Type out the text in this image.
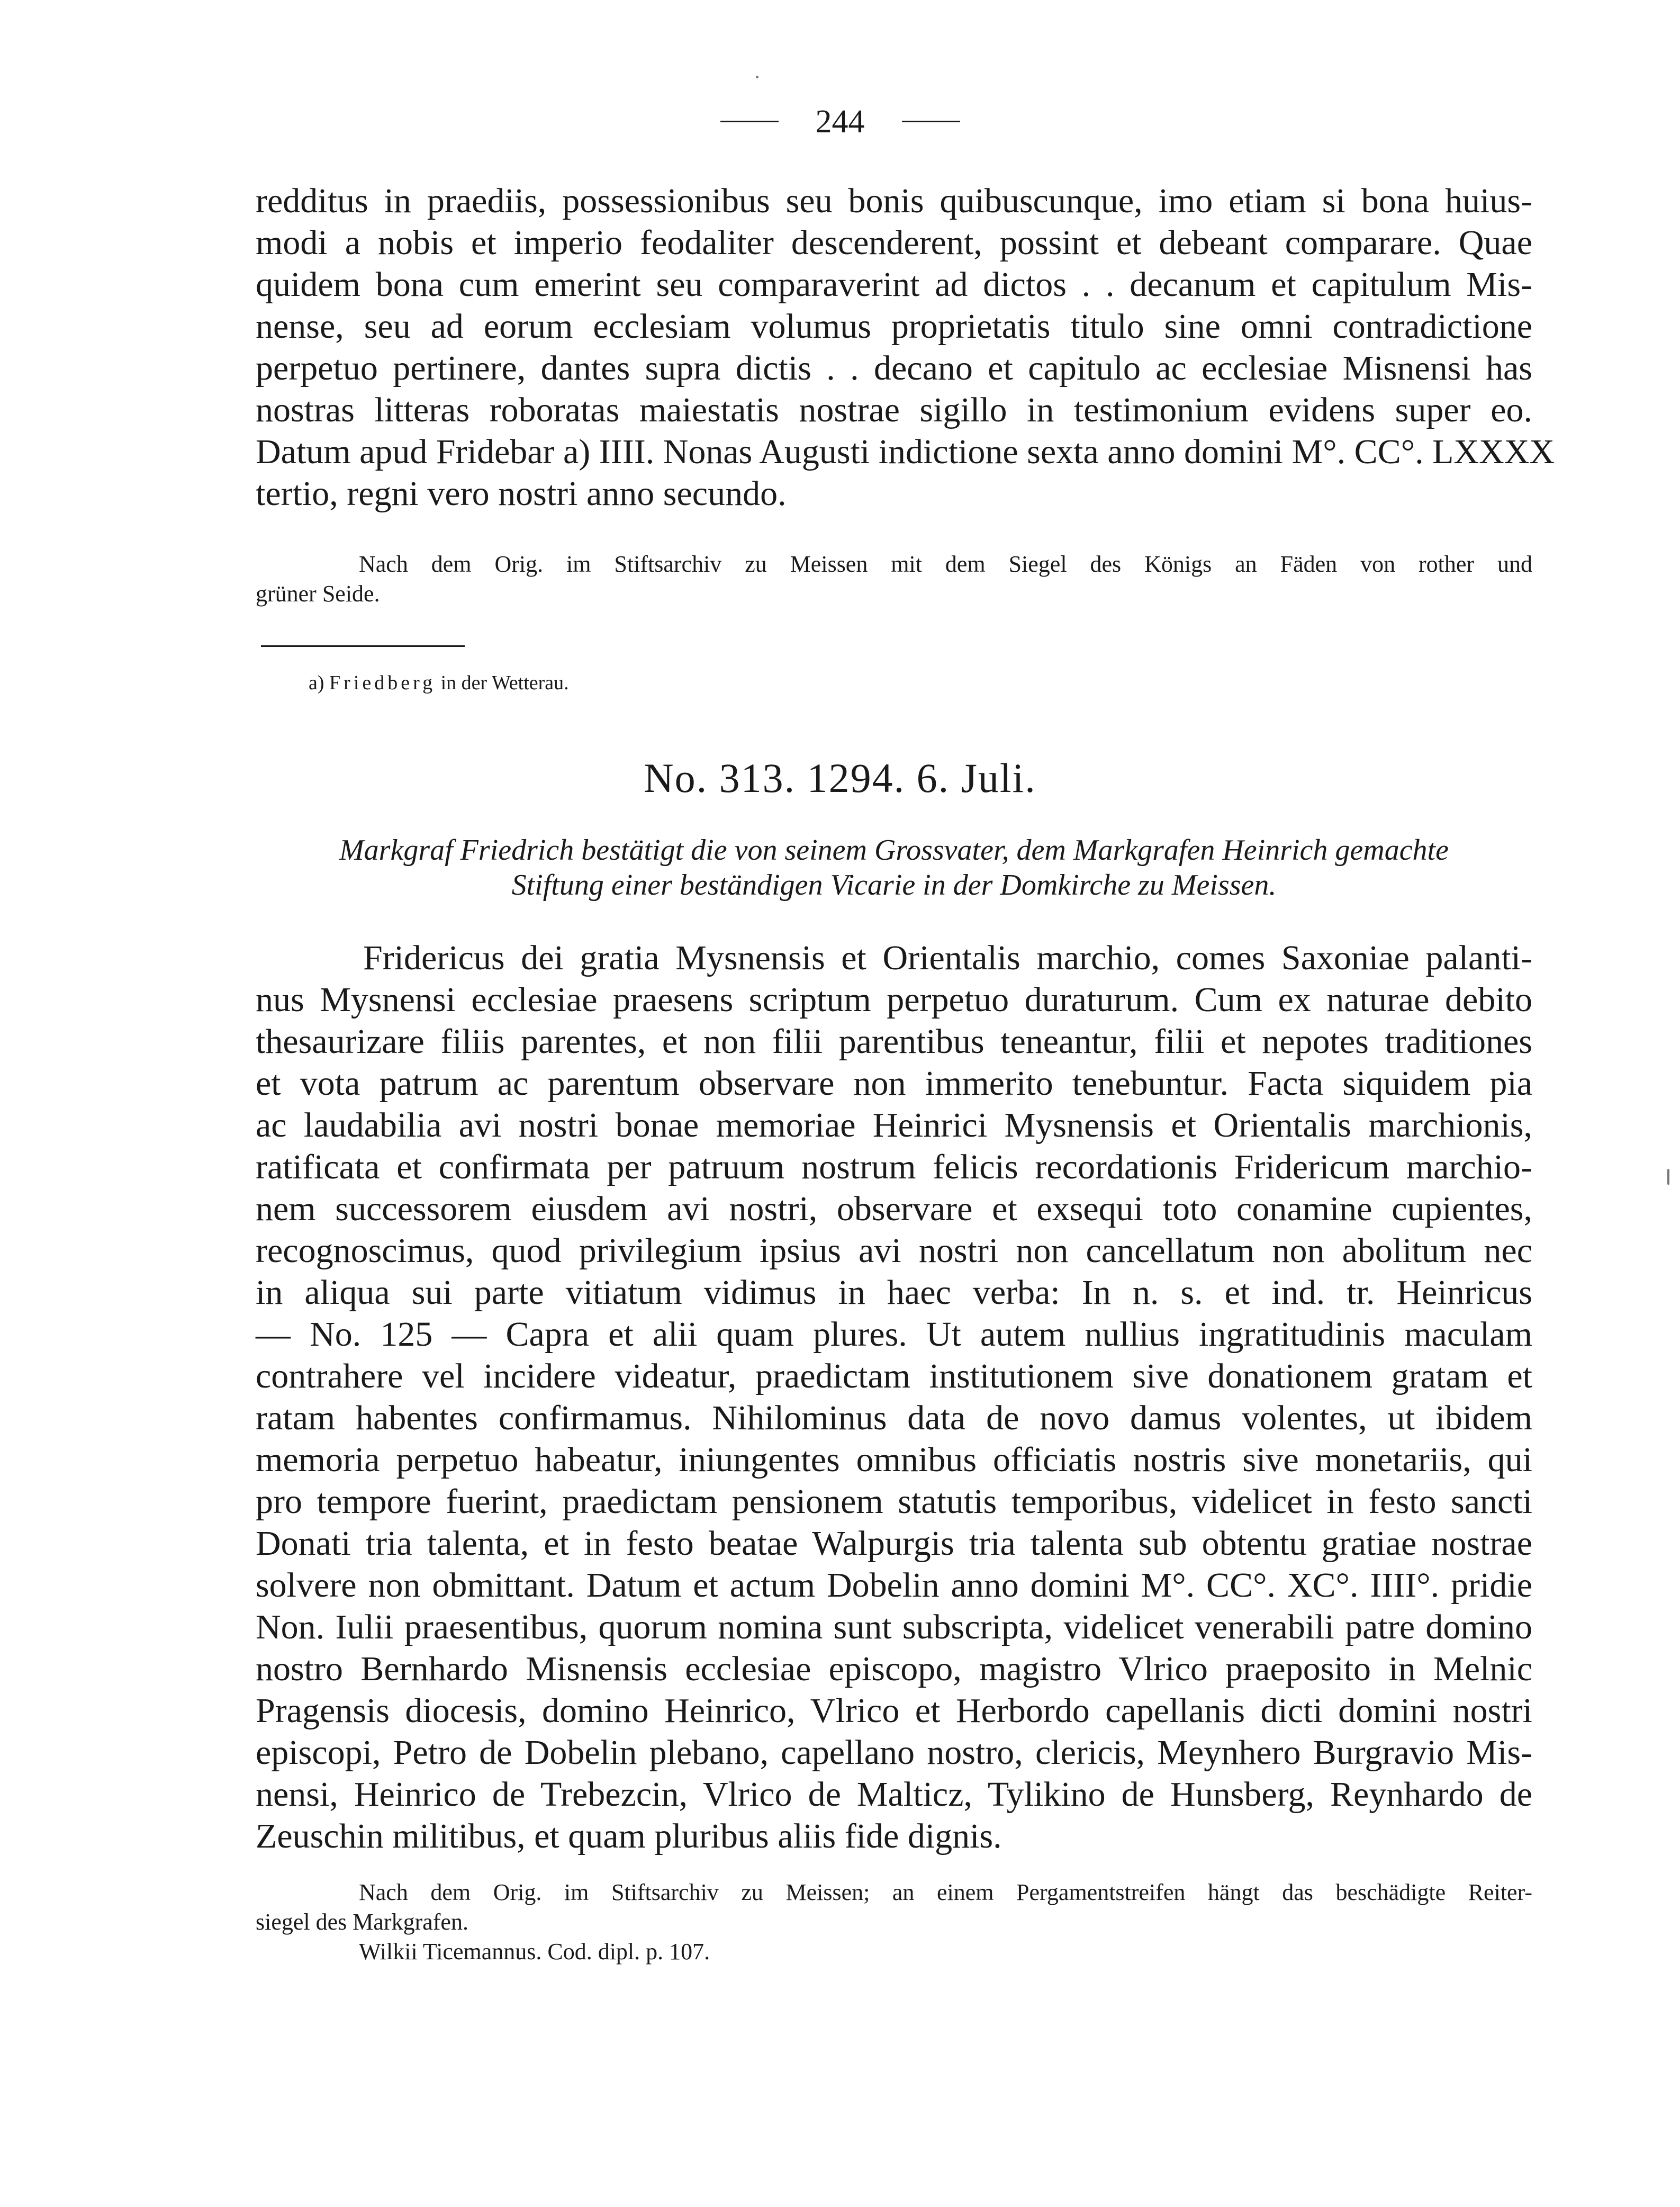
244
redditus in praediis, possessionibus seu bonis quibuscunque, imo etiam si bona huius-
modi a nobis et imperio feodaliter descenderent, possint et debeant comparare. Quae
quidem bona cum emerint seu comparaverint ad dictos . . decanum et capitulum Mis-
nense, seu ad eorum ecclesiam volumus proprietatis titulo sine omni contradictione
perpetuo pertinere, dantes supra dictis . . decano et capitulo ac ecclesiae Misnensi has
nostras litteras roboratas maiestatis nostrae sigillo in testimonium evidens super eo.
Datum apud Fridebar a) IIII. Nonas Augusti indictione sexta anno domini M°. CC°. LXXXX
tertio, regni vero nostri anno secundo.
Nach dem Orig. im Stiftsarchiv zu Meissen mit dem Siegel des Königs an Fäden von rother und
grüner Seide.
a) Friedberg in der Wetterau.
No. 313. 1294. 6. Juli.
Markgraf Friedrich bestätigt die von seinem Grossvater, dem Markgrafen Heinrich gemachte
Stiftung einer beständigen Vicarie in der Domkirche zu Meissen.
Fridericus dei gratia Mysnensis et Orientalis marchio, comes Saxoniae palanti-
nus Mysnensi ecclesiae praesens scriptum perpetuo duraturum. Cum ex naturae debito
thesaurizare filiis parentes, et non filii parentibus teneantur, filii et nepotes traditiones
et vota patrum ac parentum observare non immerito tenebuntur. Facta siquidem pia
ac laudabilia avi nostri bonae memoriae Heinrici Mysnensis et Orientalis marchionis,
ratificata et confirmata per patruum nostrum felicis recordationis Fridericum marchio-
nem successorem eiusdem avi nostri, observare et exsequi toto conamine cupientes,
recognoscimus, quod privilegium ipsius avi nostri non cancellatum non abolitum nec
in aliqua sui parte vitiatum vidimus in haec verba: In n. s. et ind. tr. Heinricus
— No. 125 — Capra et alii quam plures. Ut autem nullius ingratitudinis maculam
contrahere vel incidere videatur, praedictam institutionem sive donationem gratam et
ratam habentes confirmamus. Nihilominus data de novo damus volentes, ut ibidem
memoria perpetuo habeatur, iniungentes omnibus officiatis nostris sive monetariis, qui
pro tempore fuerint, praedictam pensionem statutis temporibus, videlicet in festo sancti
Donati tria talenta, et in festo beatae Walpurgis tria talenta sub obtentu gratiae nostrae
solvere non obmittant. Datum et actum Dobelin anno domini M°. CC°. XC°. IIII°. pridie
Non. Iulii praesentibus, quorum nomina sunt subscripta, videlicet venerabili patre domino
nostro Bernhardo Misnensis ecclesiae episcopo, magistro Vlrico praeposito in Melnic
Pragensis diocesis, domino Heinrico, Vlrico et Herbordo capellanis dicti domini nostri
episcopi, Petro de Dobelin plebano, capellano nostro, clericis, Meynhero Burgravio Mis-
nensi, Heinrico de Trebezcin, Vlrico de Malticz, Tylikino de Hunsberg, Reynhardo de
Zeuschin militibus, et quam pluribus aliis fide dignis.
Nach dem Orig. im Stiftsarchiv zu Meissen; an einem Pergamentstreifen hängt das beschädigte Reiter-
siegel des Markgrafen.
Wilkii Ticemannus. Cod. dipl. p. 107.
